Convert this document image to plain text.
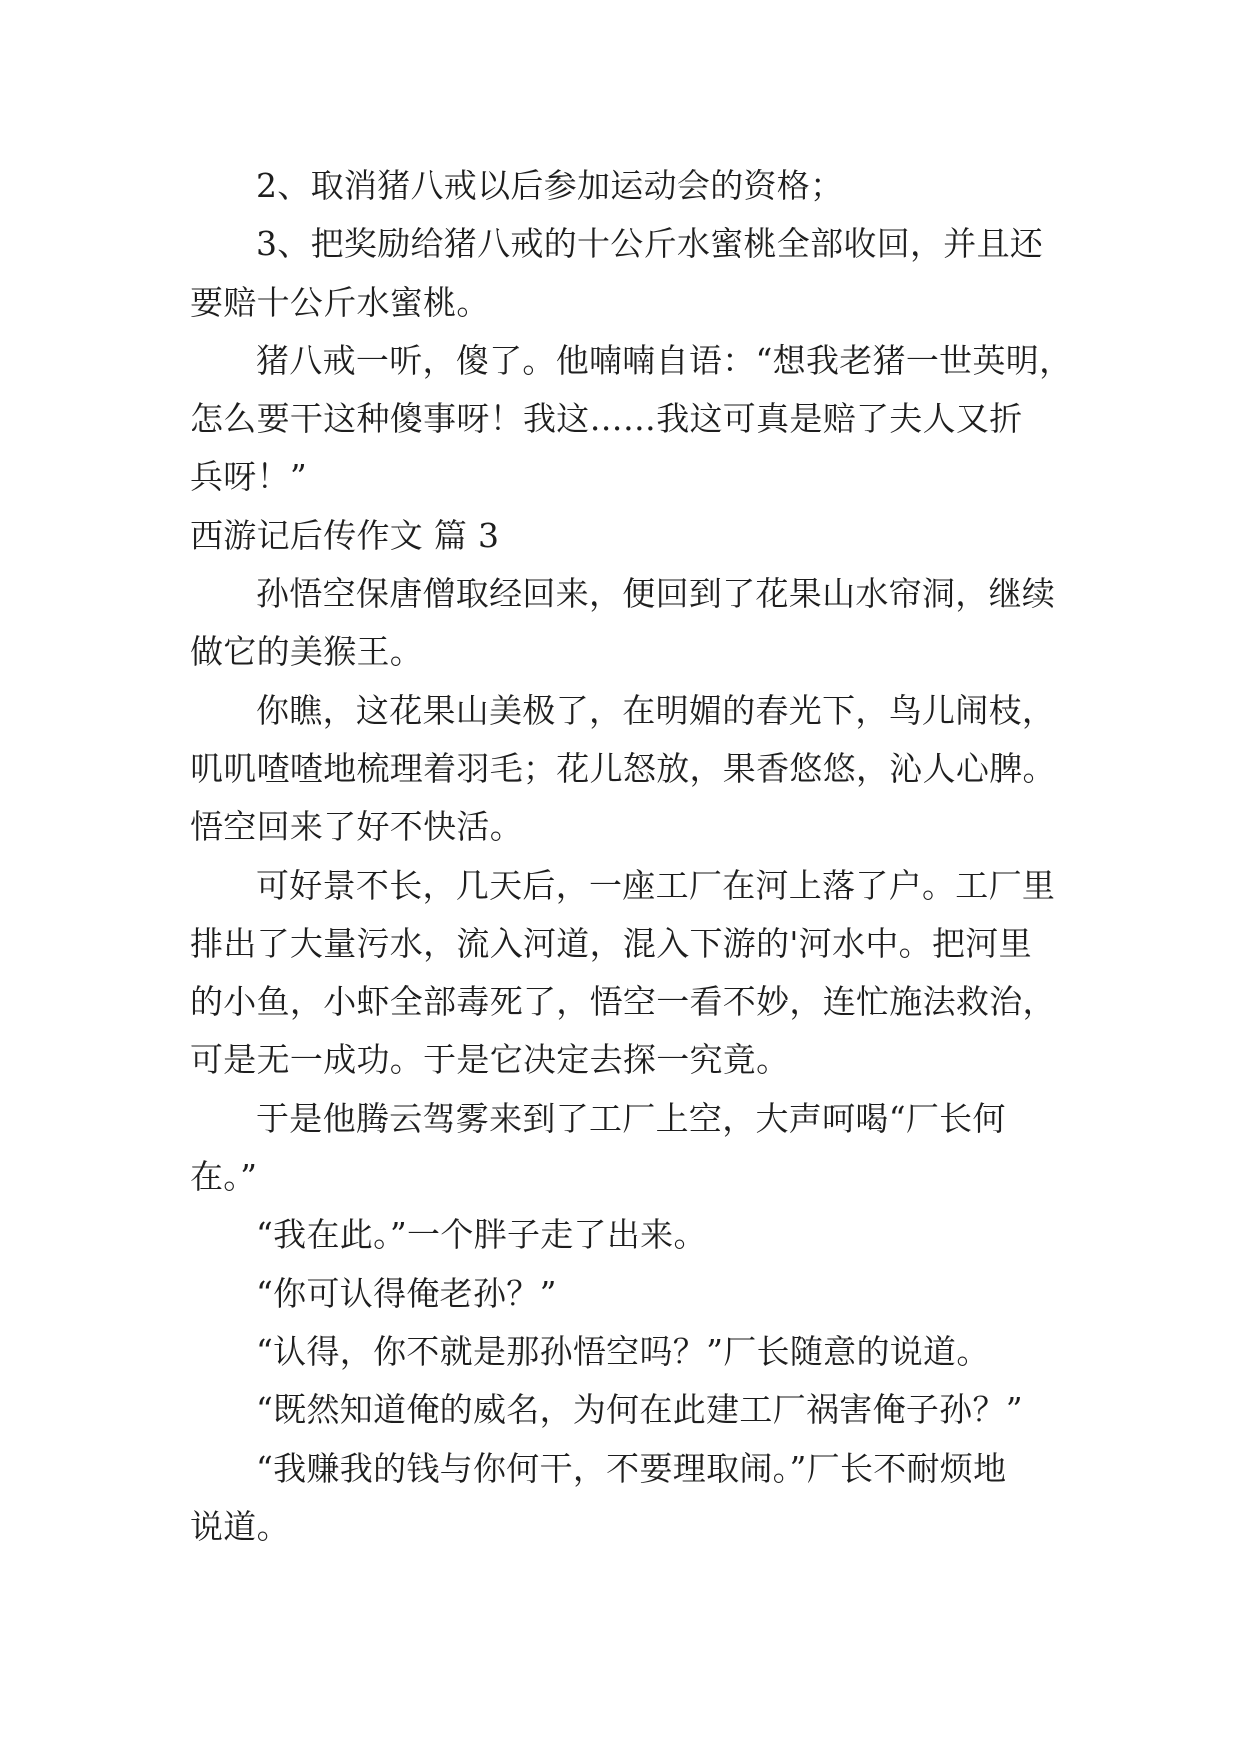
2、取消猪八戒以后参加运动会的资格；
3、把奖励给猪八戒的十公斤水蜜桃全部收回，并且还
要赔十公斤水蜜桃。
猪八戒一听，傻了。他喃喃自语：“想我老猪一世英明，
怎么要干这种傻事呀！我这……我这可真是赔了夫人又折
兵呀！”
西游记后传作文 篇 3
孙悟空保唐僧取经回来，便回到了花果山水帘洞，继续
做它的美猴王。
你瞧，这花果山美极了，在明媚的春光下，鸟儿闹枝，
叽叽喳喳地梳理着羽毛；花儿怒放，果香悠悠，沁人心脾。
悟空回来了好不快活。
可好景不长，几天后，一座工厂在河上落了户。工厂里
排出了大量污水，流入河道，混入下游的'河水中。把河里
的小鱼，小虾全部毒死了，悟空一看不妙，连忙施法救治，
可是无一成功。于是它决定去探一究竟。
于是他腾云驾雾来到了工厂上空，大声呵喝“厂长何
在。”
“我在此。”一个胖子走了出来。
“你可认得俺老孙？”
“认得，你不就是那孙悟空吗？”厂长随意的说道。
“既然知道俺的威名，为何在此建工厂祸害俺子孙？”
“我赚我的钱与你何干，不要理取闹。”厂长不耐烦地
说道。
